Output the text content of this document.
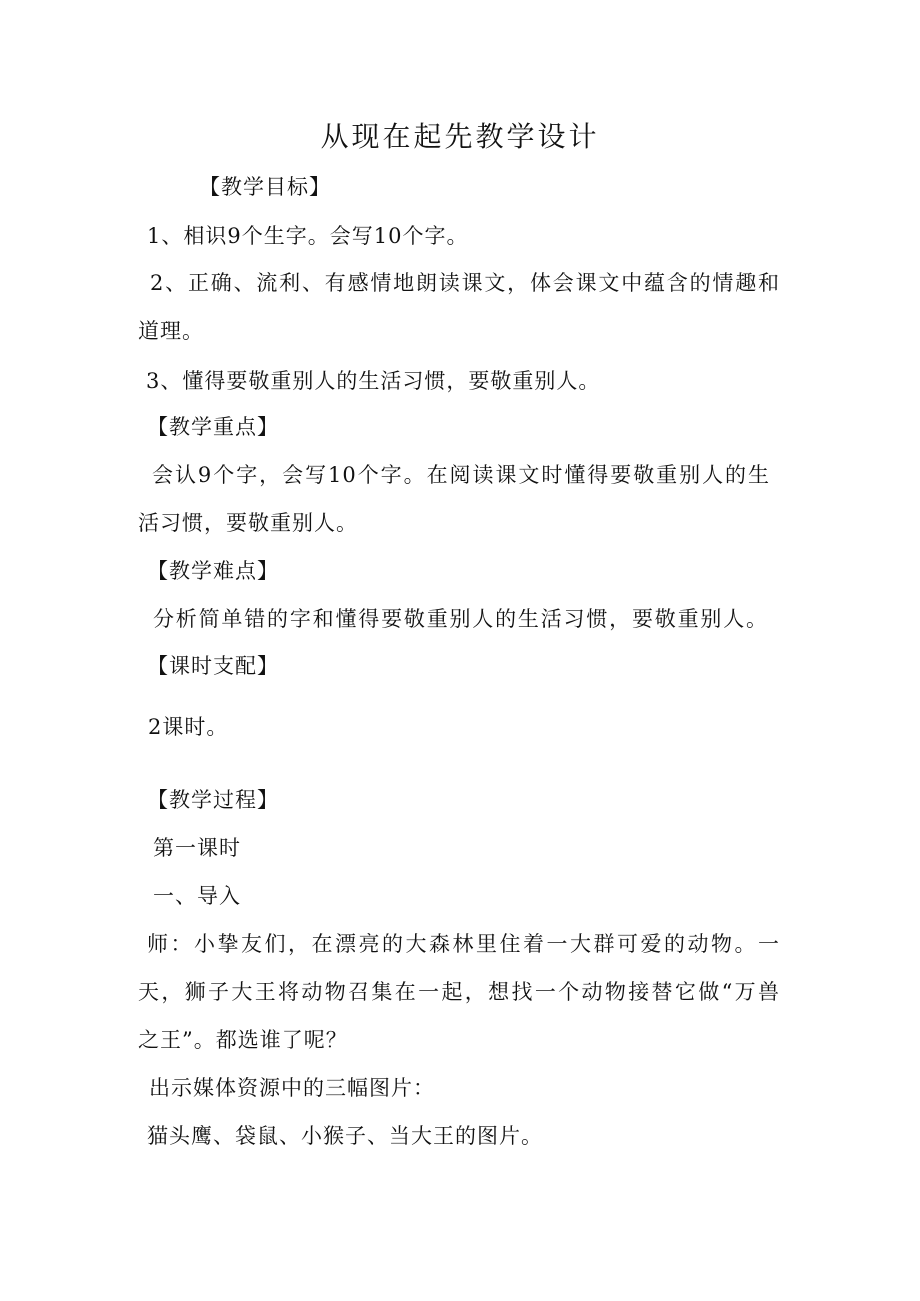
从现在起先教学设计
【教学目标】
1、相识9个生字。会写10个字。
2、正确、流利、有感情地朗读课文，体会课文中蕴含的情趣和
道理。
3、懂得要敬重别人的生活习惯，要敬重别人。
【教学重点】
会认9个字，会写10个字。在阅读课文时懂得要敬重别人的生
活习惯，要敬重别人。
【教学难点】
分析简单错的字和懂得要敬重别人的生活习惯，要敬重别人。
【课时支配】
2课时。
【教学过程】
第一课时
一、导入
师：小挚友们，在漂亮的大森林里住着一大群可爱的动物。一
天，狮子大王将动物召集在一起，想找一个动物接替它做“万兽
之王”。都选谁了呢？
出示媒体资源中的三幅图片：
猫头鹰、袋鼠、小猴子、当大王的图片。
